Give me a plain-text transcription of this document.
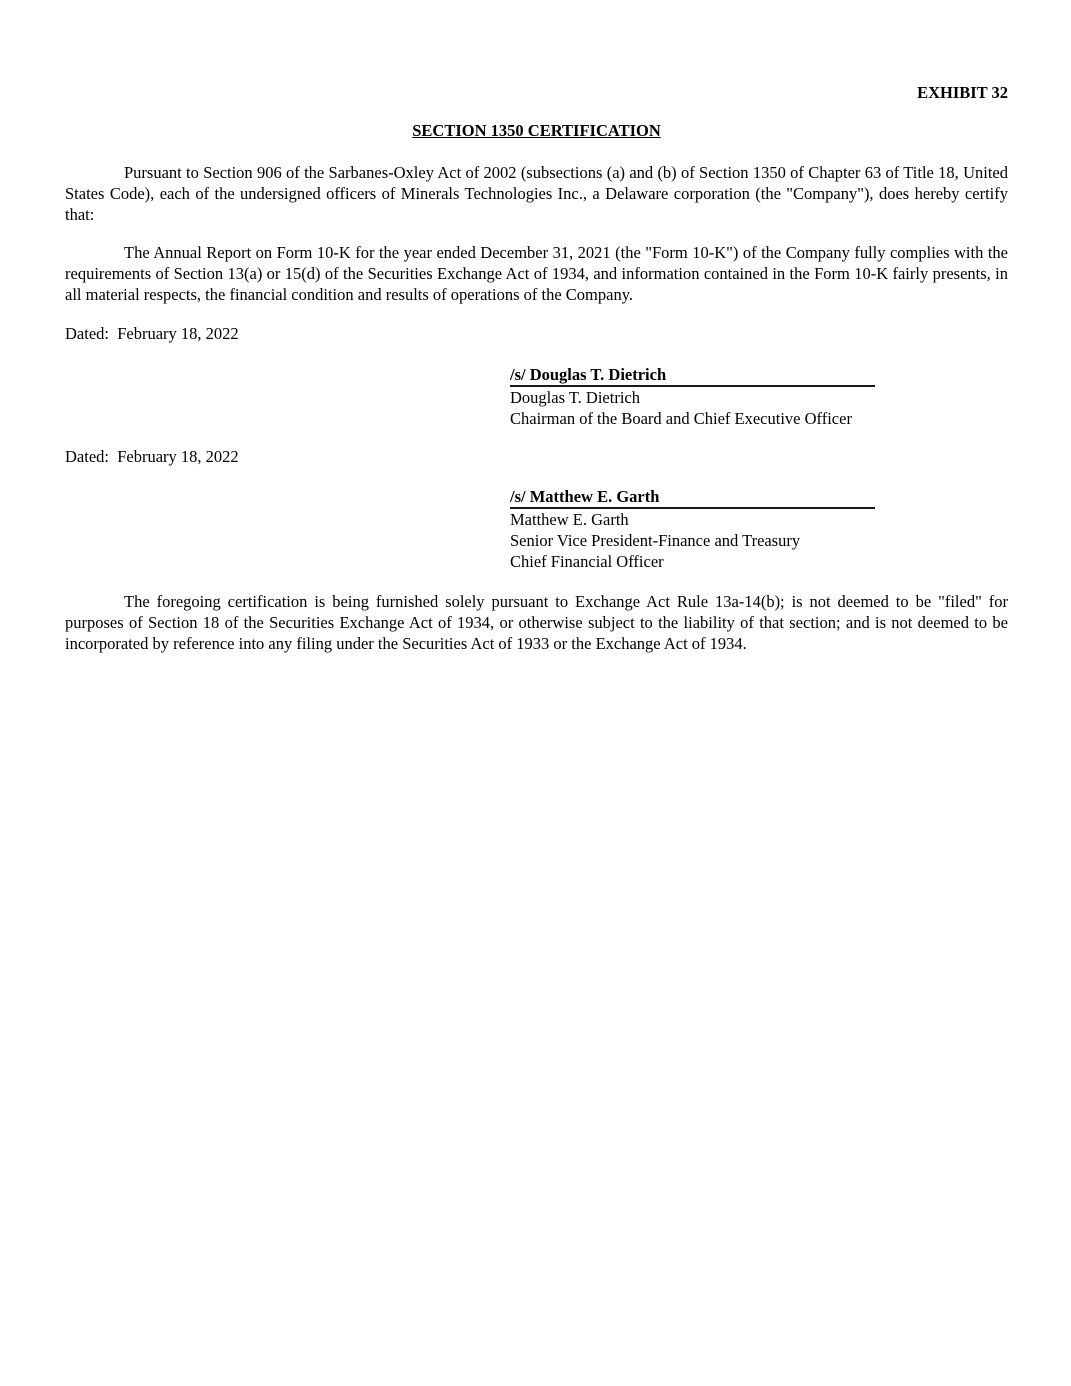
EXHIBIT 32
SECTION 1350 CERTIFICATION

Pursuant to Section 906 of the Sarbanes-Oxley Act of 2002 (subsections (a) and (b) of Section 1350 of Chapter 63 of Title 18, United States Code), each of the undersigned officers of Minerals Technologies Inc., a Delaware corporation (the "Company"), does hereby certify that:

The Annual Report on Form 10-K for the year ended December 31, 2021 (the "Form 10-K") of the Company fully complies with the requirements of Section 13(a) or 15(d) of the Securities Exchange Act of 1934, and information contained in the Form 10-K fairly presents, in all material respects, the financial condition and results of operations of the Company.

Dated:  February 18, 2022
/s/ Douglas T. Dietrich
Douglas T. Dietrich
Chairman of the Board and Chief Executive Officer
Dated:  February 18, 2022
/s/ Matthew E. Garth
Matthew E. Garth
Senior Vice President-Finance and Treasury
Chief Financial Officer

The foregoing certification is being furnished solely pursuant to Exchange Act Rule 13a-14(b); is not deemed to be "filed" for purposes of Section 18 of the Securities Exchange Act of 1934, or otherwise subject to the liability of that section; and is not deemed to be incorporated by reference into any filing under the Securities Act of 1933 or the Exchange Act of 1934.
